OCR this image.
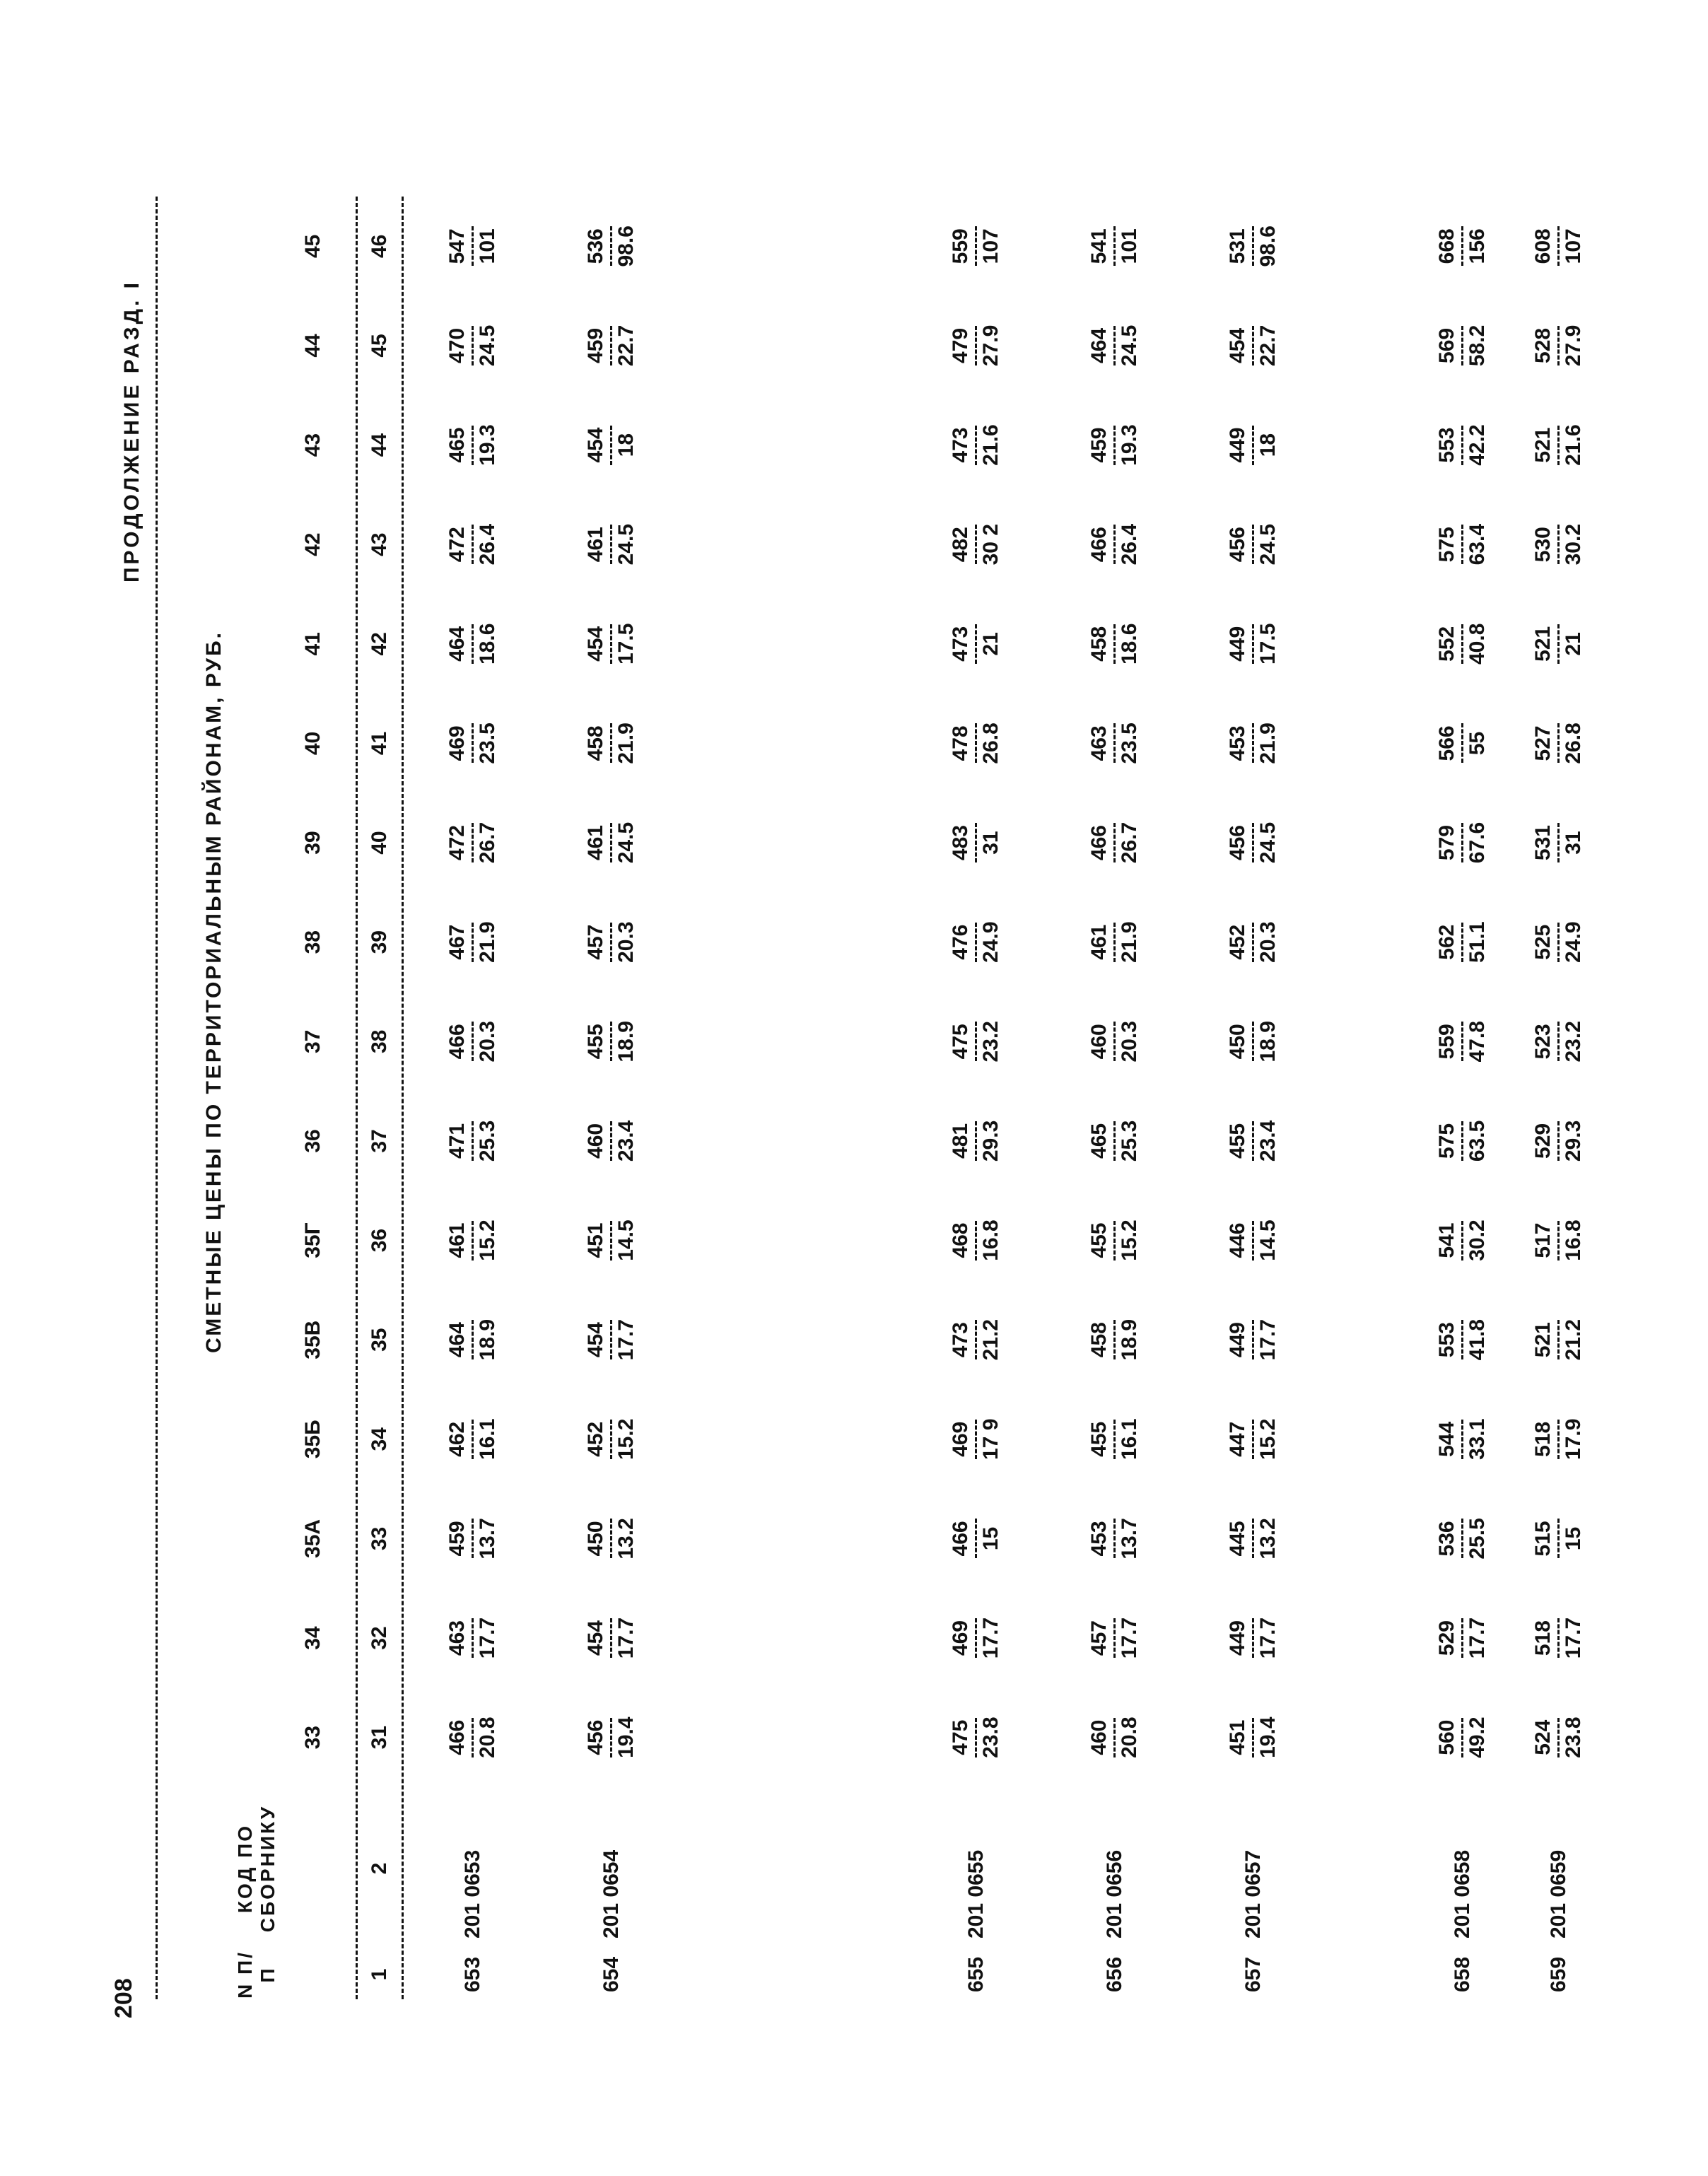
208
ПРОДОЛЖЕНИЕ РАЗД. I
N П/П	КОД ПО СБОРНИКУ	СМЕТНЫЕ ЦЕНЫ ПО ТЕРРИТОРИАЛЬНЫМ РАЙОНАМ, РУБ.															
		33	34	35А	35Б	35В	35Г	36	37	38	39	40	41	42	43	44	45

1	2	31	32	33	34	35	36	37	38	39	40	41	42	43	44	45	46

653	201 0653	466 20.8	463 17.7	459 13.7	462 16.1	464 18.9	461 15.2	471 25.3	466 20.3	467 21.9	472 26.7	469 23.5	464 18.6	472 26.4	465 19.3	470 24.5	547 101

654	201 0654	456 19.4	454 17.7	450 13.2	452 15.2	454 17.7	451 14.5	460 23.4	455 18.9	457 20.3	461 24.5	458 21.9	454 17.5	461 24.5	454 18	459 22.7	536 98.6

655	201 0655	475 23.8	469 17.7	466 15	469 17 9	473 21.2	468 16.8	481 29.3	475 23.2	476 24.9	483 31	478 26.8	473 21	482 30 2	473 21.6	479 27.9	559 107

656	201 0656	460 20.8	457 17.7	453 13.7	455 16.1	458 18.9	455 15.2	465 25.3	460 20.3	461 21.9	466 26.7	463 23.5	458 18.6	466 26.4	459 19.3	464 24.5	541 101

657	201 0657	451 19.4	449 17.7	445 13.2	447 15.2	449 17.7	446 14.5	455 23.4	450 18.9	452 20.3	456 24.5	453 21.9	449 17.5	456 24.5	449 18	454 22.7	531 98.6

658	201 0658	560 49.2	529 17.7	536 25.5	544 33.1	553 41.8	541 30.2	575 63.5	559 47.8	562 51.1	579 67.6	566 55	552 40.8	575 63.4	553 42.2	569 58.2	668 156

659	201 0659	524 23.8	518 17.7	515 15	518 17.9	521 21.2	517 16.8	529 29.3	523 23.2	525 24.9	531 31	527 26.8	521 21	530 30.2	521 21.6	528 27.9	608 107
